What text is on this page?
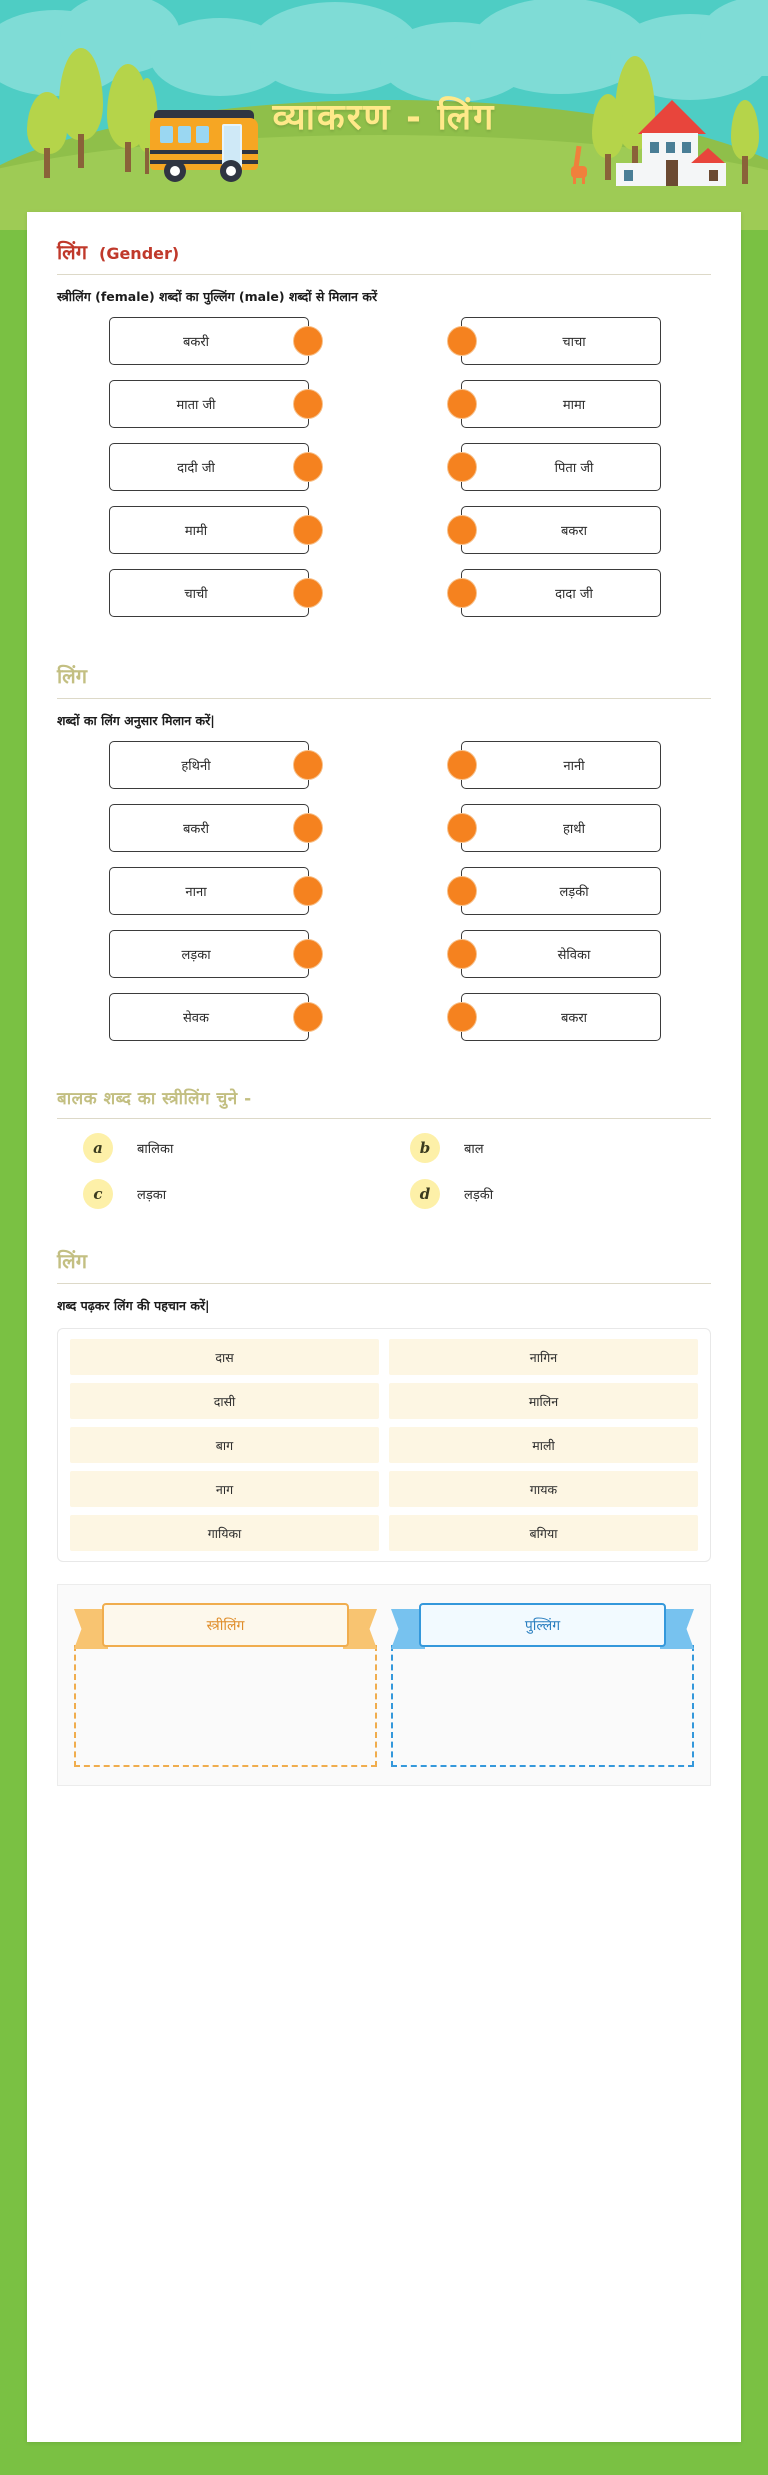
व्याकरण - लिंग
लिंग (Gender)
स्त्रीलिंग (female) शब्दों का पुल्लिंग (male) शब्दों से मिलान करें
बकरी	चाचा
माता जी	मामा
दादी जी	पिता जी
मामी	बकरा
चाची	दादा जी
लिंग
शब्दों का लिंग अनुसार मिलान करें|
हथिनी	नानी
बकरी	हाथी
नाना	लड़की
लड़का	सेविका
सेवक	बकरा
बालक शब्द का स्त्रीलिंग चुने -
a	बालिका	b	बाल
c	लड़का	d	लड़की
लिंग
शब्द पढ़कर लिंग की पहचान करें|
दास	नागिन
दासी	मालिन
बाग	माली
नाग	गायक
गायिका	बगिया
स्त्रीलिंग	पुल्लिंग
